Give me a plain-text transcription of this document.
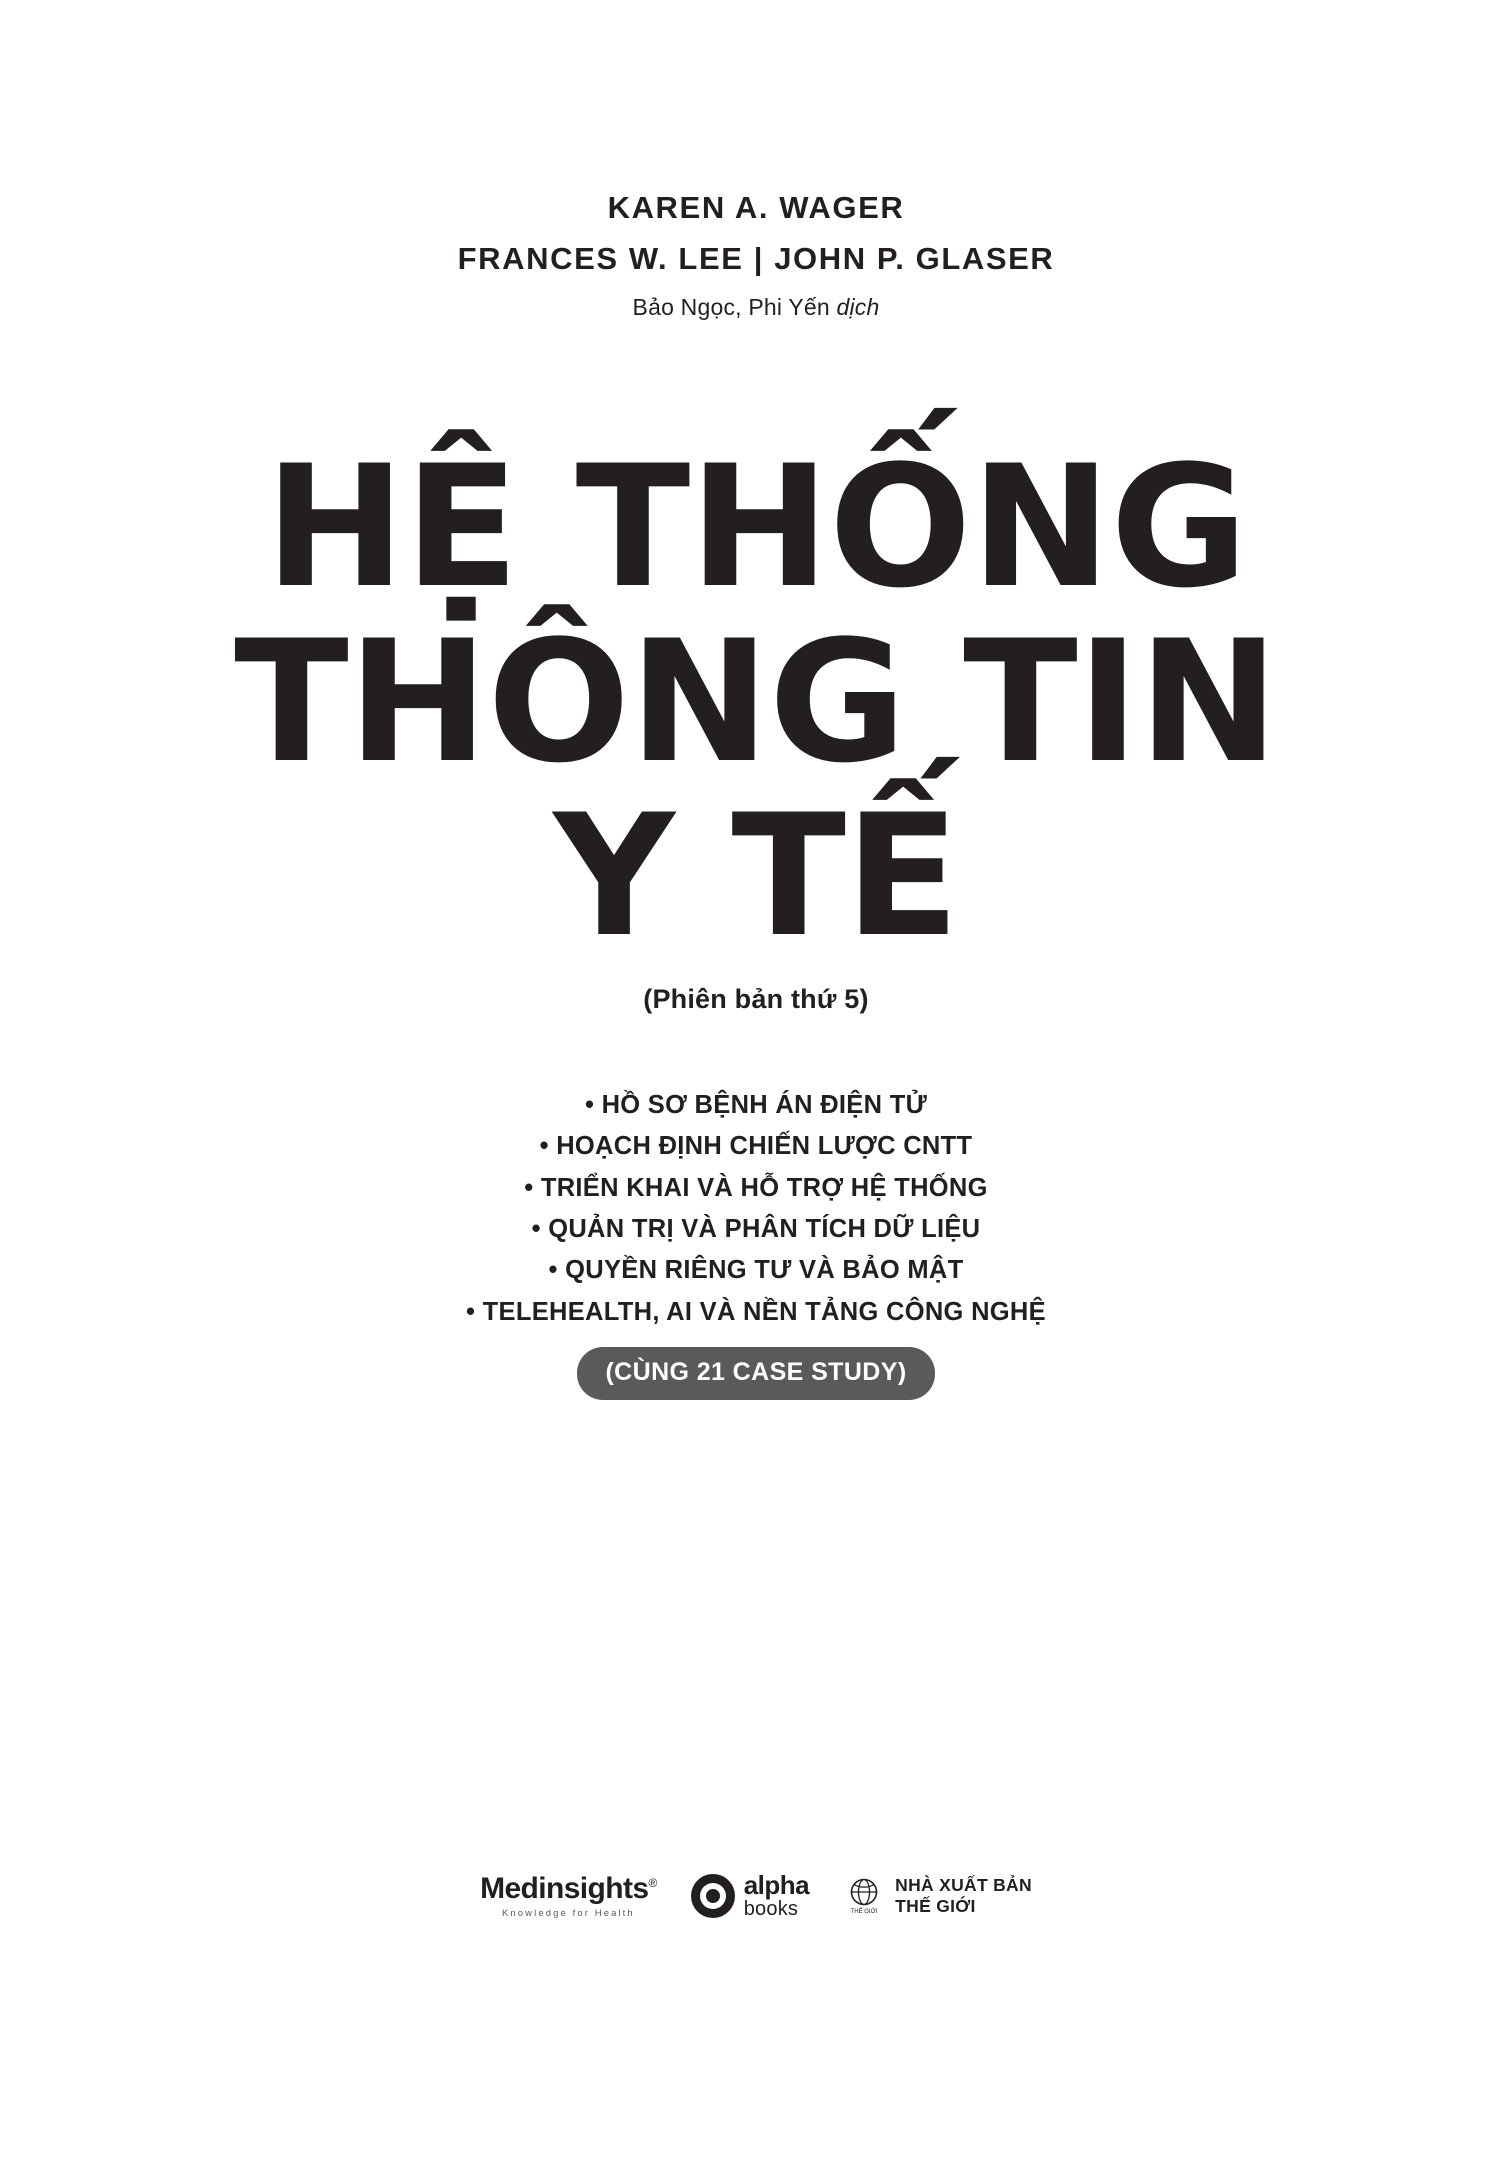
KAREN A. WAGER
FRANCES W. LEE | JOHN P. GLASER
Bảo Ngọc, Phi Yến dịch
HỆ THỐNG
THÔNG TIN
Y TẾ
(Phiên bản thứ 5)
• HỒ SƠ BỆNH ÁN ĐIỆN TỬ
• HOẠCH ĐỊNH CHIẾN LƯỢC CNTT
• TRIỂN KHAI VÀ HỖ TRỢ HỆ THỐNG
• QUẢN TRỊ VÀ PHÂN TÍCH DỮ LIỆU
• QUYỀN RIÊNG TƯ VÀ BẢO MẬT
• TELEHEALTH, AI VÀ NỀN TẢNG CÔNG NGHỆ
(CÙNG 21 CASE STUDY)
Medinsights®
Knowledge for Health
alpha
books	THẾ GIỚI
NHÀ XUẤT BẢN
THẾ GIỚI
